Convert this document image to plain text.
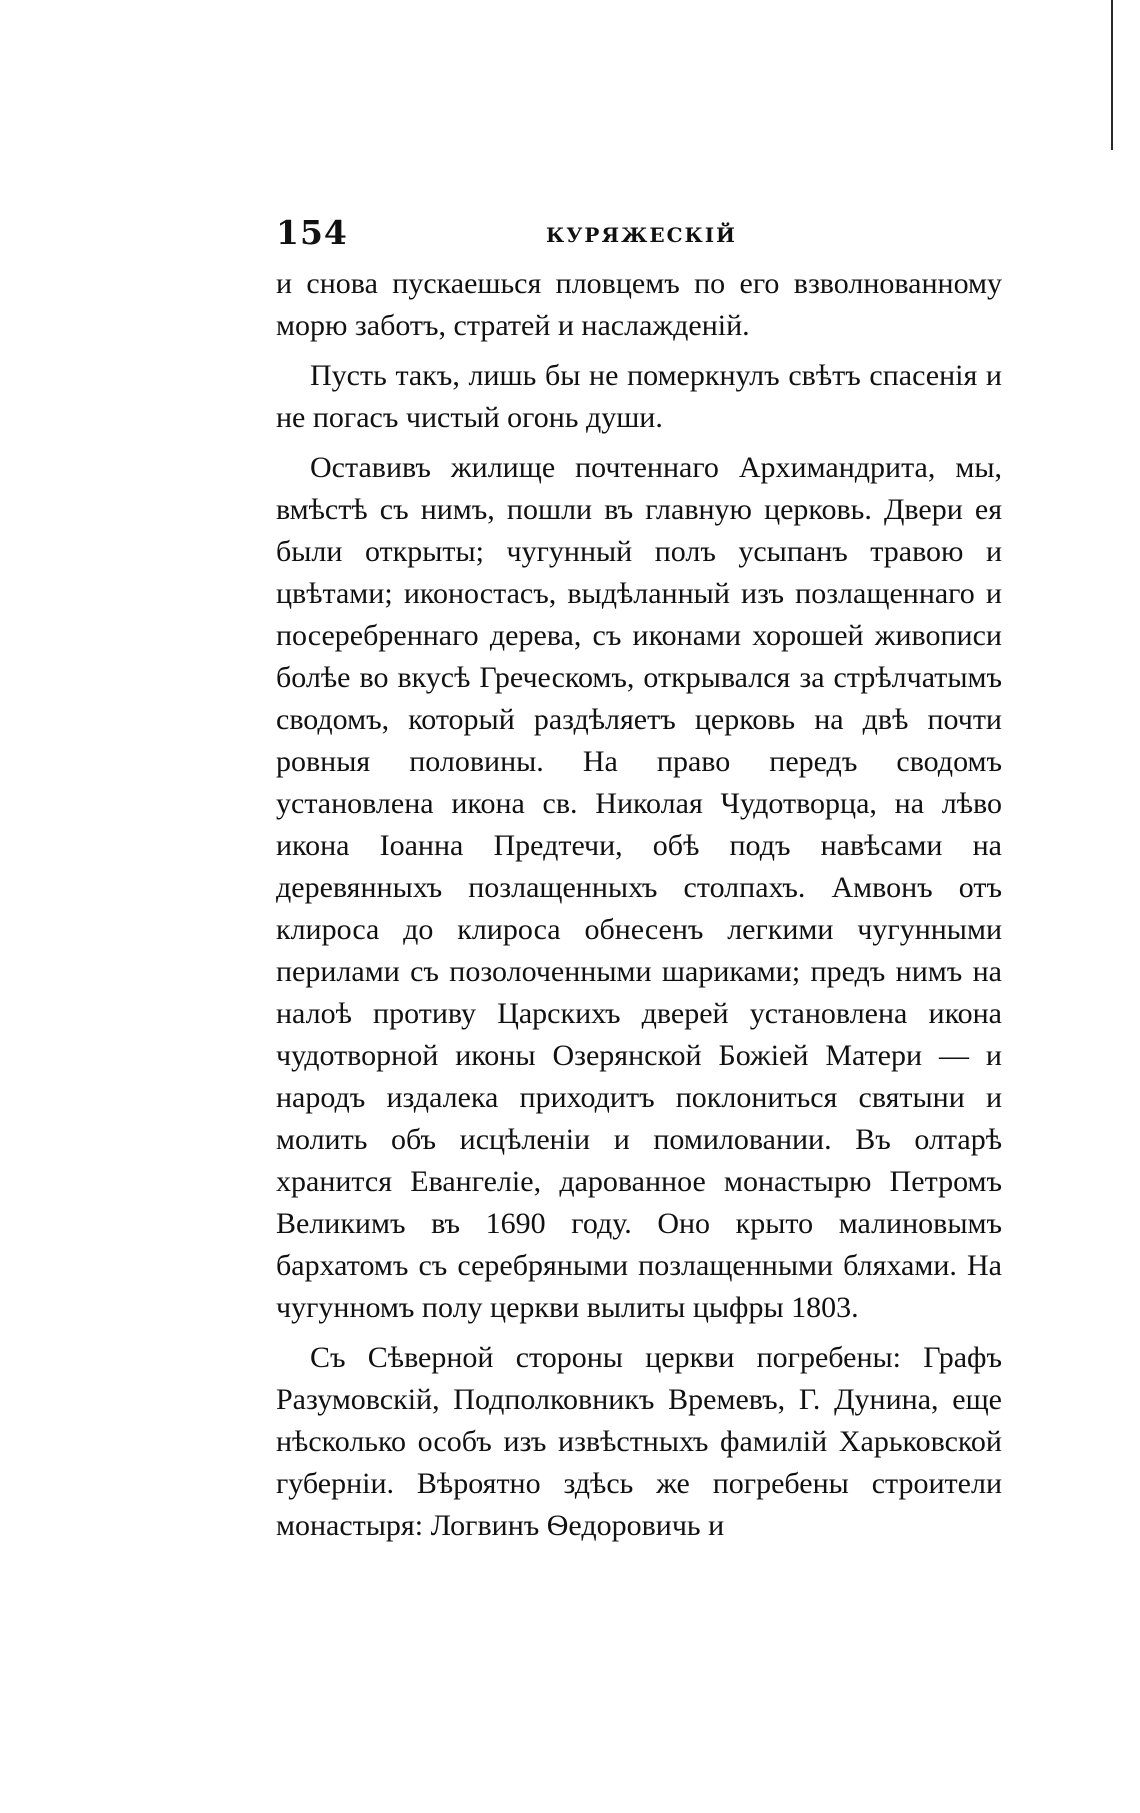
154	КУРЯЖЕСКІЙ

и снова пускаешься пловцемъ по его взволнованному морю заботъ, стратей и наслажденій.

Пусть такъ, лишь бы не померкнулъ свѣтъ спасенія и не погасъ чистый огонь души.

Оставивъ жилище почтеннаго Архимандрита, мы, вмѣстѣ съ нимъ, пошли въ главную церковь. Двери ея были открыты; чугунный полъ усыпанъ травою и цвѣтами; иконостасъ, выдѣланный изъ позлащеннаго и посеребреннаго дерева, съ иконами хорошей живописи болѣе во вкусѣ Греческомъ, открывался за стрѣлчатымъ сводомъ, который раздѣляетъ церковь на двѣ почти ровныя половины. На право передъ сводомъ установлена икона св. Николая Чудотворца, на лѣво икона Іоанна Предтечи, обѣ подъ навѣсами на деревянныхъ позлащенныхъ столпахъ. Амвонъ отъ клироса до клироса обнесенъ легкими чугунными перилами съ позолоченными шариками; предъ нимъ на налоѣ противу Царскихъ дверей установлена икона чудотворной иконы Озерянской Божіей Матери — и народъ издалека приходитъ поклониться святыни и молить объ исцѣленіи и помиловании. Въ олтарѣ хранится Евангеліе, дарованное монастырю Петромъ Великимъ въ 1690 году. Оно крыто малиновымъ бархатомъ съ серебряными позлащенными бляхами. На чугунномъ полу церкви вылиты цыфры 1803.

Съ Сѣверной стороны церкви погребены: Графъ Разумовскій, Подполковникъ Времевъ, Г. Дунина, еще нѣсколько особъ изъ извѣстныхъ фамилій Харьковской губерніи. Вѣроятно здѣсь же погребены строители монастыря: Логвинъ Ѳедоровичь и
